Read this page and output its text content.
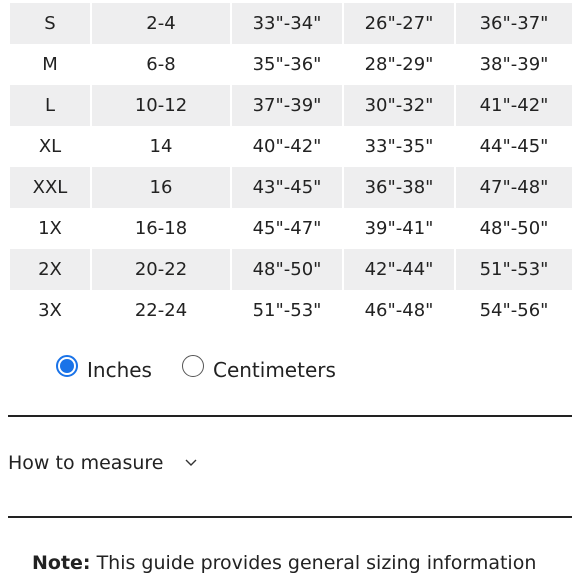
S	2-4	33"-34"	26"-27"	36"-37"
M	6-8	35"-36"	28"-29"	38"-39"
L	10-12	37"-39"	30"-32"	41"-42"
XL	14	40"-42"	33"-35"	44"-45"
XXL	16	43"-45"	36"-38"	47"-48"
1X	16-18	45"-47"	39"-41"	48"-50"
2X	20-22	48"-50"	42"-44"	51"-53"
3X	22-24	51"-53"	46"-48"	54"-56"
Inches	Centimeters
How to measure
Note: This guide provides general sizing information
